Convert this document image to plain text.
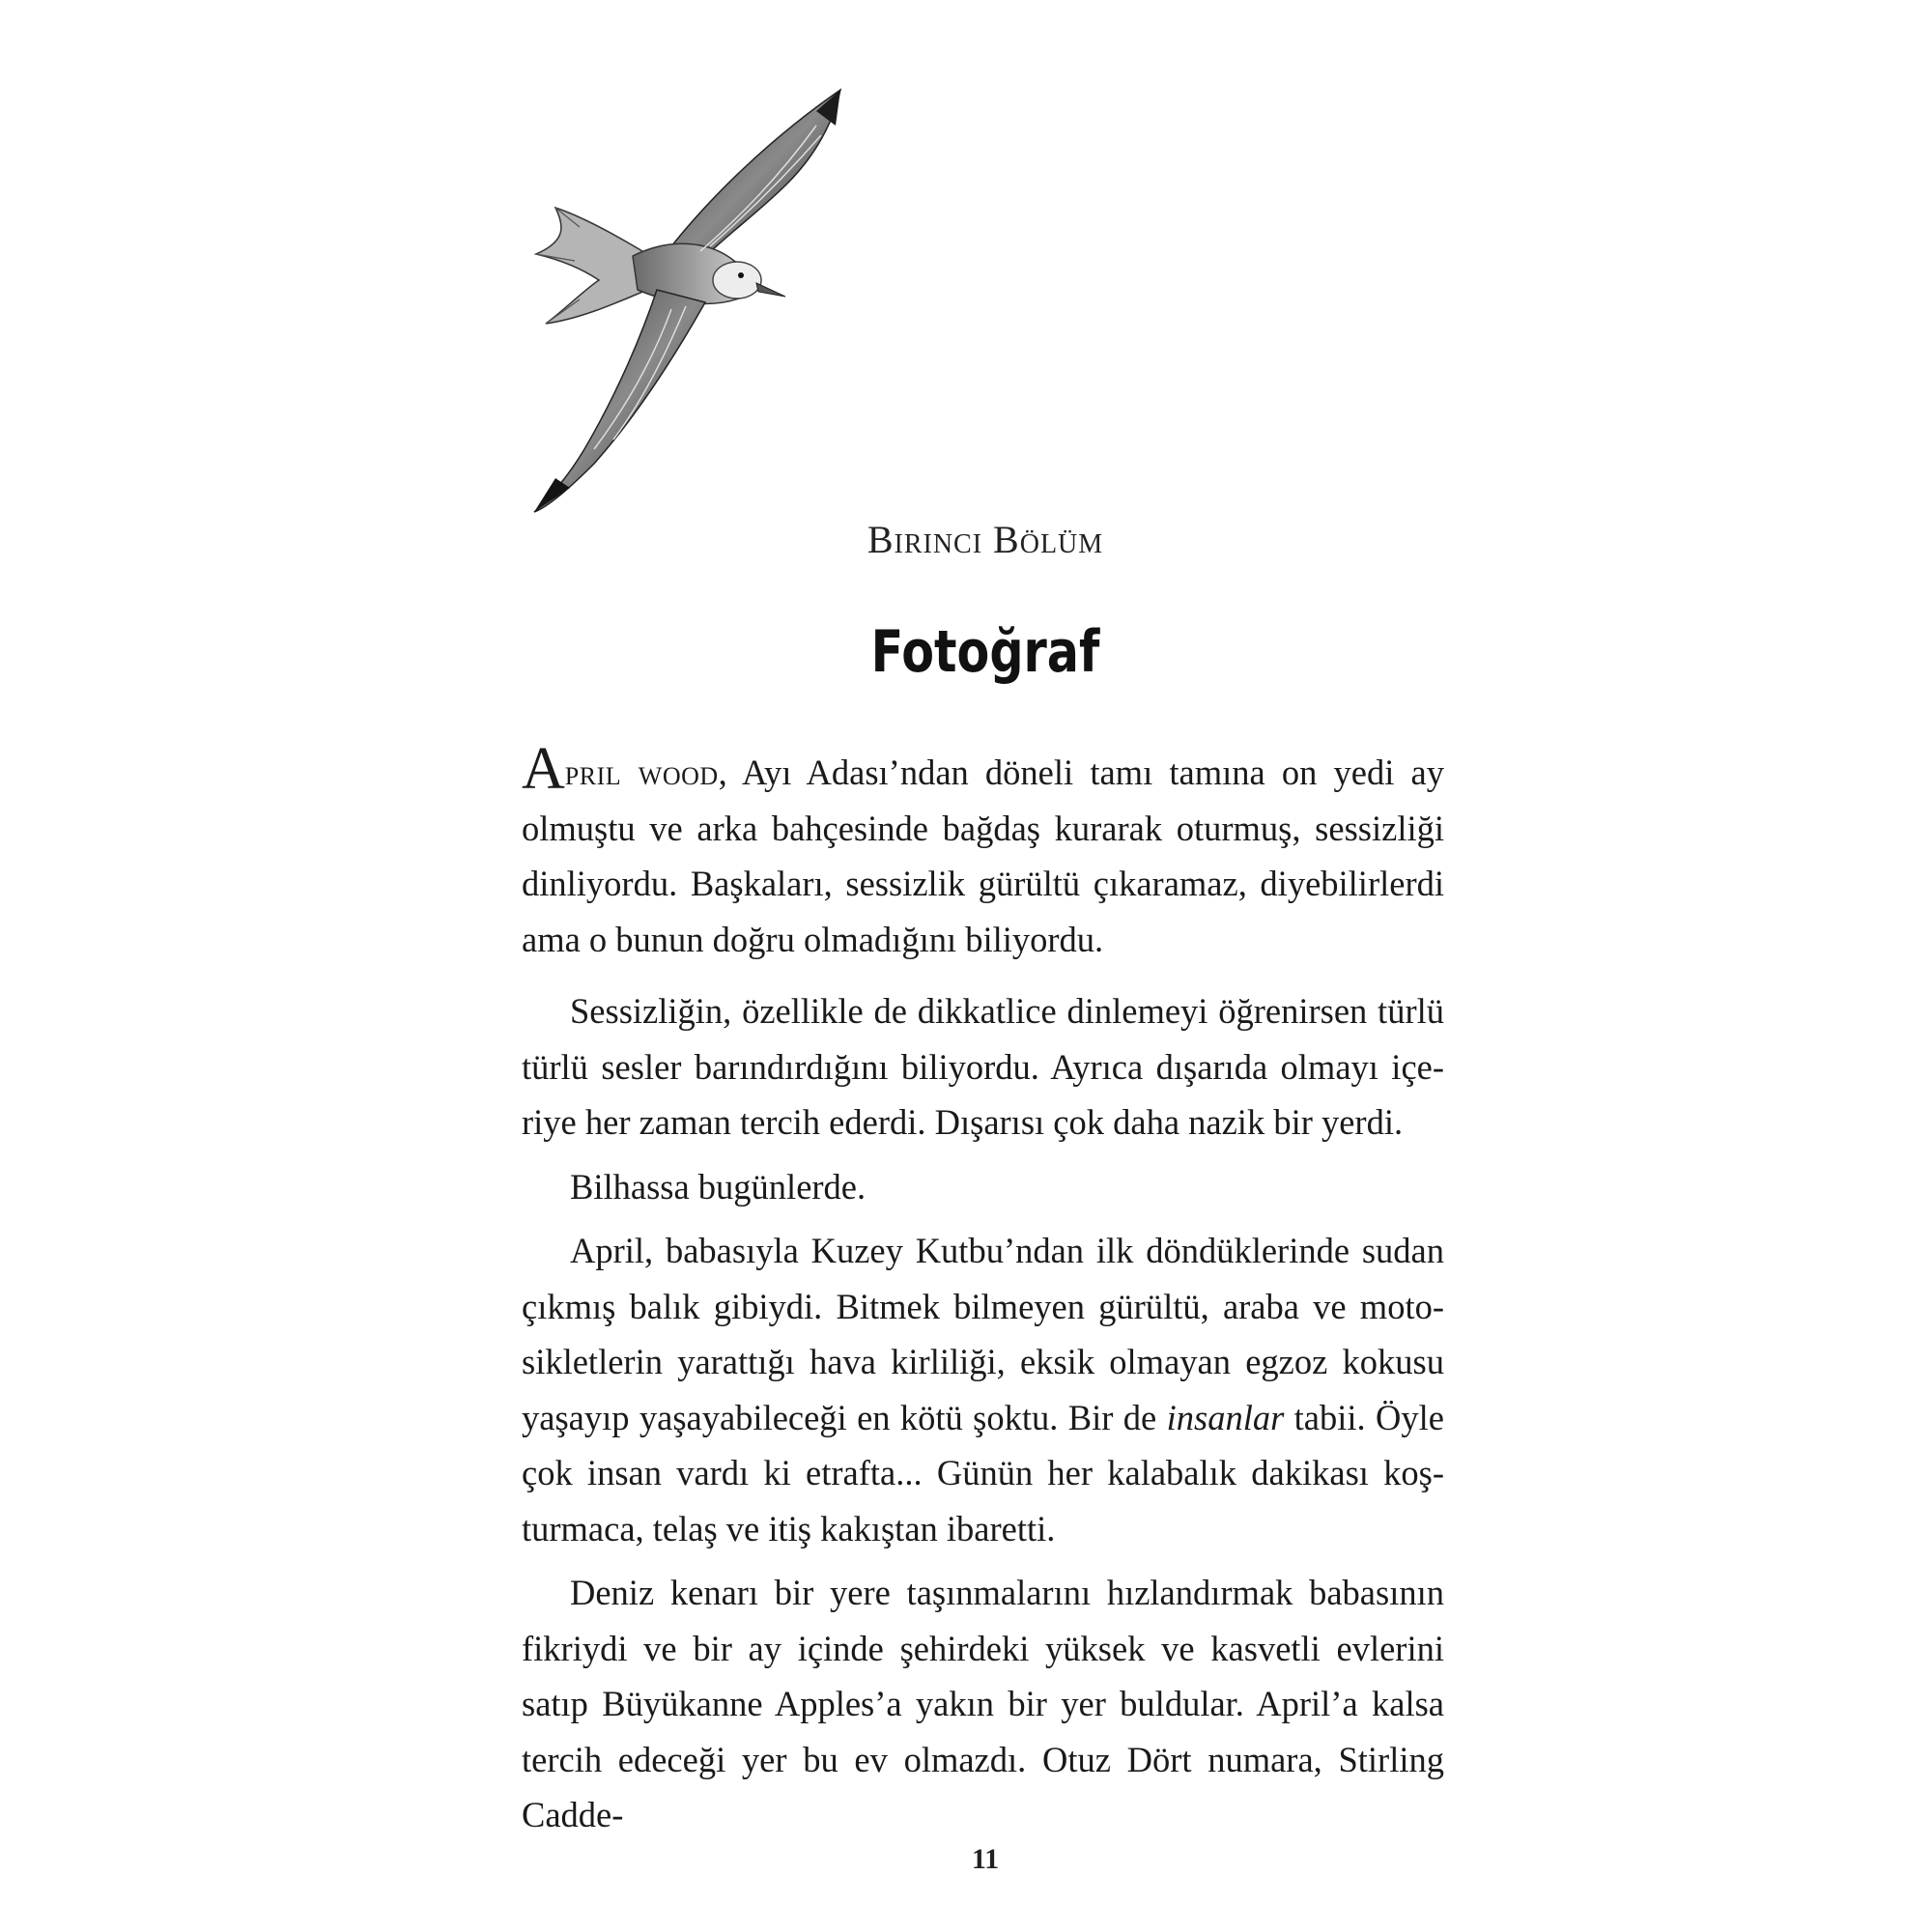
Birinci Bölüm
Fotoğraf

April wood, Ayı Adası’ndan döneli tamı tamına on yedi ay olmuştu ve arka bahçesinde bağdaş kurarak oturmuş, sessizliği dinliyordu. Başkaları, sessizlik gürültü çıkaramaz, diyebilirlerdi ama o bunun doğru olmadığını biliyordu.

Sessizliğin, özellikle de dikkatlice dinlemeyi öğrenirsen türlü türlü sesler barındırdığını biliyordu. Ayrıca dışarıda olmayı içeriye her zaman tercih ederdi. Dışarısı çok daha nazik bir yerdi.

Bilhassa bugünlerde.

April, babasıyla Kuzey Kutbu’ndan ilk döndüklerinde sudan çıkmış balık gibiydi. Bitmek bilmeyen gürültü, araba ve motosikletlerin yarattığı hava kirliliği, eksik olmayan egzoz kokusu yaşayıp yaşayabileceği en kötü şoktu. Bir de insanlar tabii. Öyle çok insan vardı ki etrafta... Günün her kalabalık dakikası koşturmaca, telaş ve itiş kakıştan ibaretti.

Deniz kenarı bir yere taşınmalarını hızlandırmak babasının fikriydi ve bir ay içinde şehirdeki yüksek ve kasvetli evlerini satıp Büyükanne Apples’a yakın bir yer buldular. April’a kalsa tercih edeceği yer bu ev olmazdı. Otuz Dört numara, Stirling Cadde-

11
